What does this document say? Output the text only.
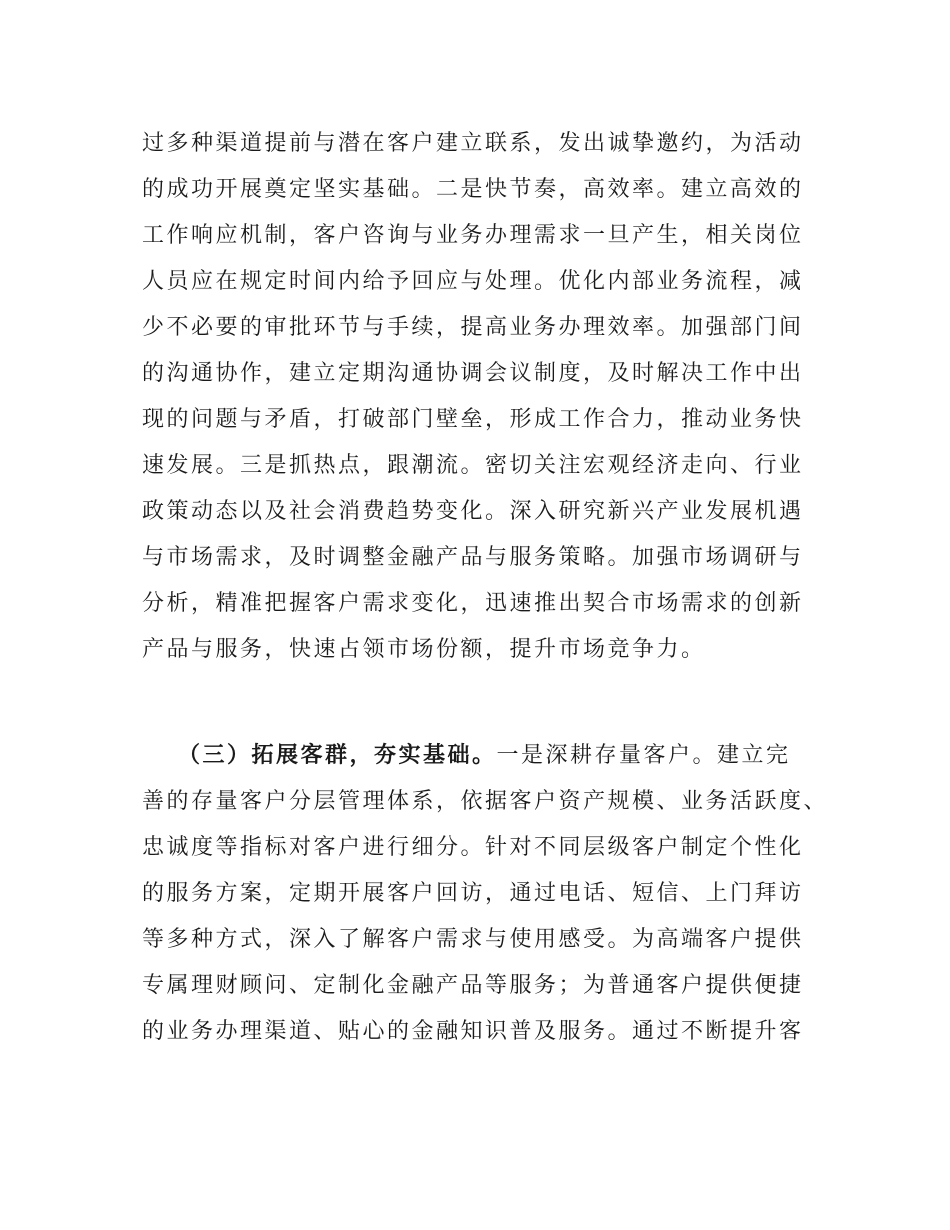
过多种渠道提前与潜在客户建立联系，发出诚挚邀约，为活动
的成功开展奠定坚实基础。二是快节奏，高效率。建立高效的
工作响应机制，客户咨询与业务办理需求一旦产生，相关岗位
人员应在规定时间内给予回应与处理。优化内部业务流程，减
少不必要的审批环节与手续，提高业务办理效率。加强部门间
的沟通协作，建立定期沟通协调会议制度，及时解决工作中出
现的问题与矛盾，打破部门壁垒，形成工作合力，推动业务快
速发展。三是抓热点，跟潮流。密切关注宏观经济走向、行业
政策动态以及社会消费趋势变化。深入研究新兴产业发展机遇
与市场需求，及时调整金融产品与服务策略。加强市场调研与
分析，精准把握客户需求变化，迅速推出契合市场需求的创新
产品与服务，快速占领市场份额，提升市场竞争力。
（三）拓展客群，夯实基础。一是深耕存量客户。建立完
善的存量客户分层管理体系，依据客户资产规模、业务活跃度、
忠诚度等指标对客户进行细分。针对不同层级客户制定个性化
的服务方案，定期开展客户回访，通过电话、短信、上门拜访
等多种方式，深入了解客户需求与使用感受。为高端客户提供
专属理财顾问、定制化金融产品等服务；为普通客户提供便捷
的业务办理渠道、贴心的金融知识普及服务。通过不断提升客
